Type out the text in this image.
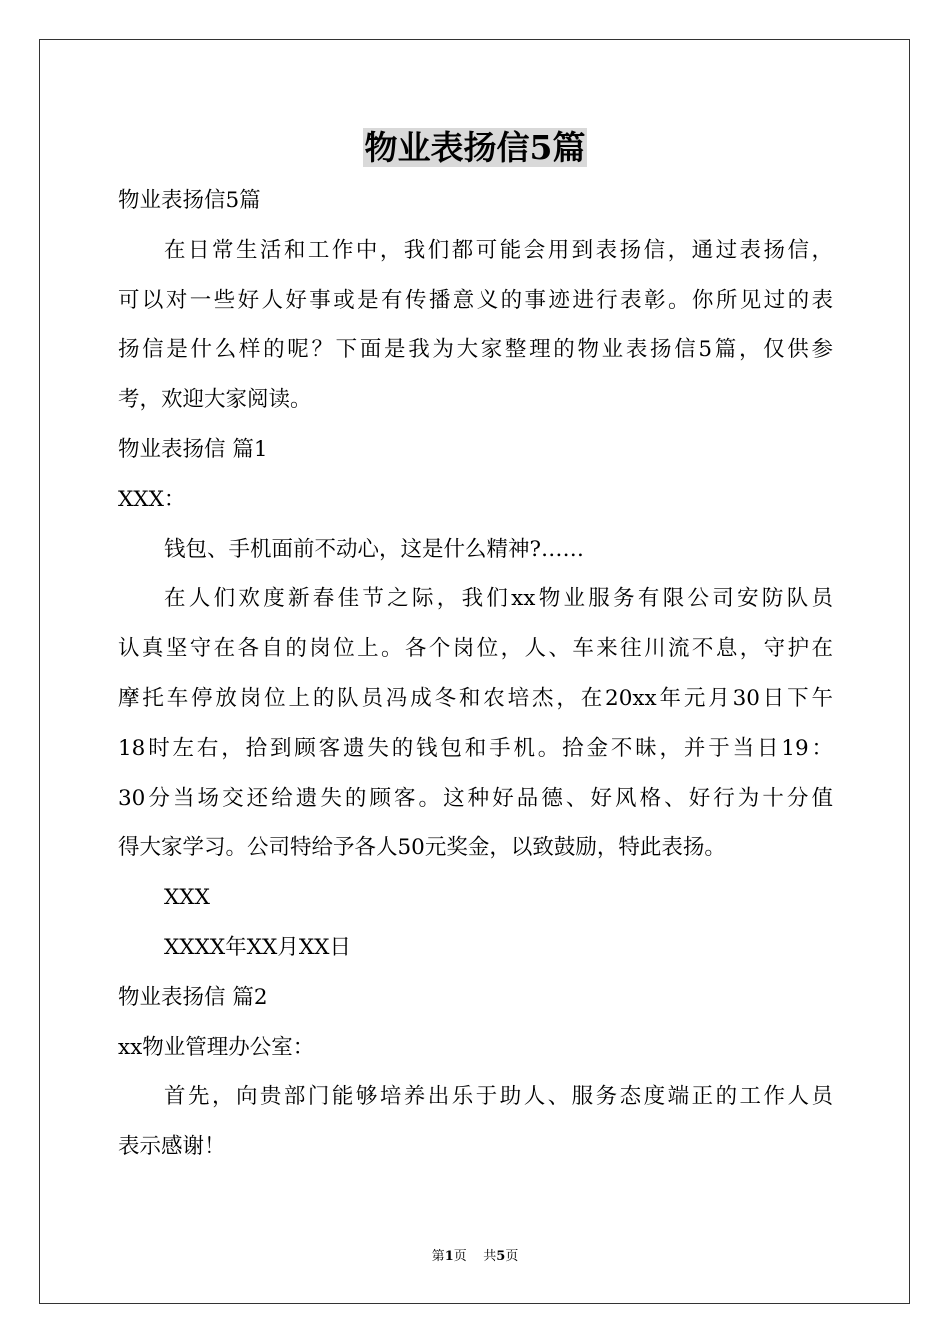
物业表扬信5篇
物业表扬信5篇
在日常生活和工作中，我们都可能会用到表扬信，通过表扬信，
可以对一些好人好事或是有传播意义的事迹进行表彰。你所见过的表
扬信是什么样的呢？下面是我为大家整理的物业表扬信5篇，仅供参
考，欢迎大家阅读。
物业表扬信 篇1
XXX：
钱包、手机面前不动心，这是什么精神?……
在人们欢度新春佳节之际，我们xx物业服务有限公司安防队员
认真坚守在各自的岗位上。各个岗位，人、车来往川流不息，守护在
摩托车停放岗位上的队员冯成冬和农培杰，在20xx年元月30日下午
18时左右，拾到顾客遗失的钱包和手机。拾金不昧，并于当日19：
30分当场交还给遗失的顾客。这种好品德、好风格、好行为十分值
得大家学习。公司特给予各人50元奖金，以致鼓励，特此表扬。
XXX
XXXX年XX月XX日
物业表扬信 篇2
xx物业管理办公室：
首先，向贵部门能够培养出乐于助人、服务态度端正的工作人员
表示感谢！
第1页    共5页
